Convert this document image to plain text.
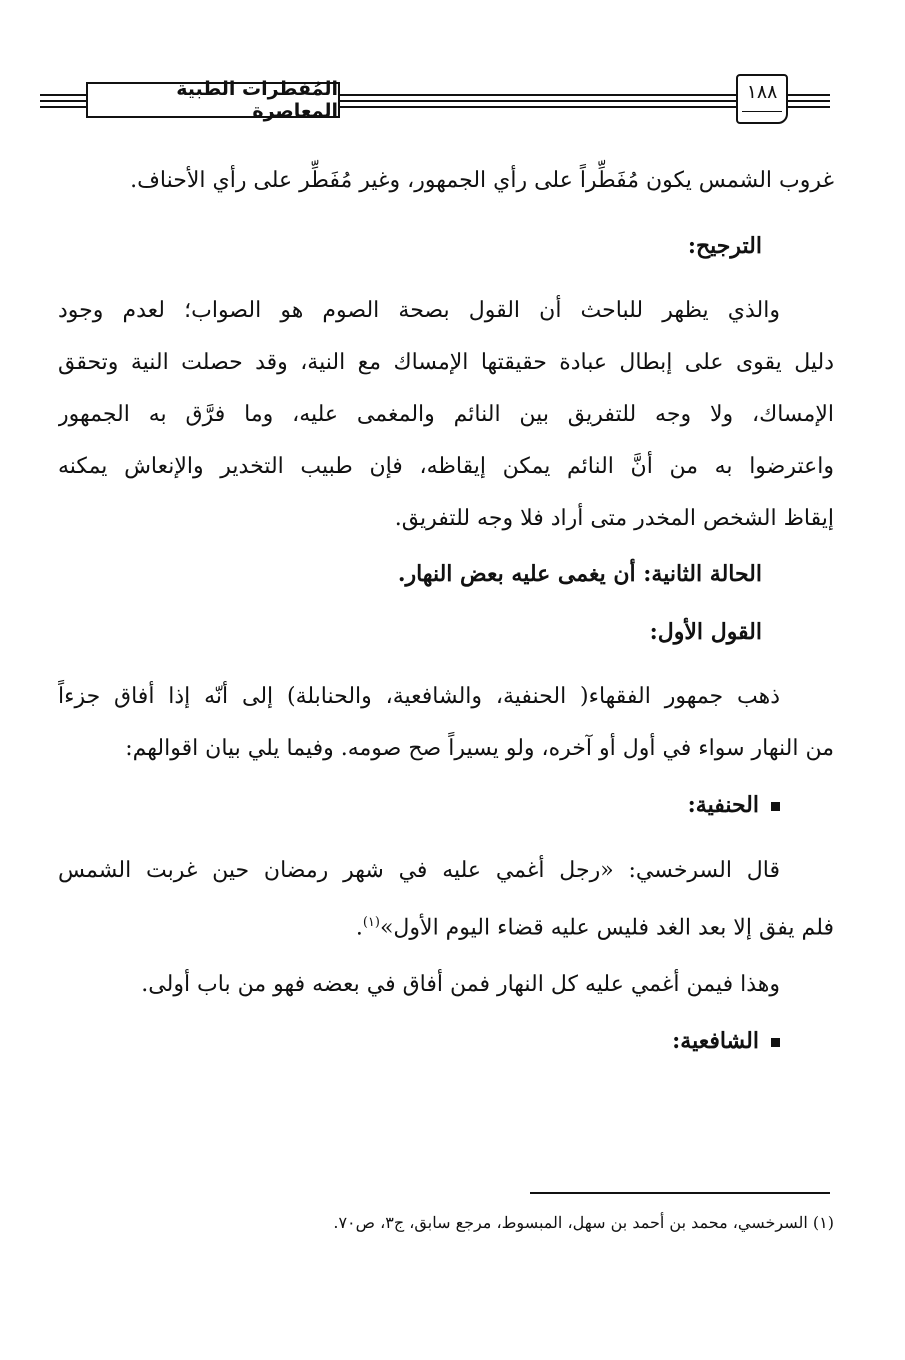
المُفطرات الطبية المعاصرة
١٨٨
غروب الشمس يكون مُفَطِّراً على رأي الجمهور، وغير مُفَطِّر على رأي الأحناف.
الترجيح:
والذي يظهر للباحث أن القول بصحة الصوم هو الصواب؛ لعدم وجود
دليل يقوى على إبطال عبادة حقيقتها الإمساك مع النية، وقد حصلت النية وتحقق
الإمساك، ولا وجه للتفريق بين النائم والمغمى عليه، وما فرَّق به الجمهور
واعترضوا به من أنَّ النائم يمكن إيقاظه، فإن طبيب التخدير والإنعاش يمكنه
إيقاظ الشخص المخدر متى أراد فلا وجه للتفريق.
الحالة الثانية: أن يغمى عليه بعض النهار.
القول الأول:
ذهب جمهور الفقهاء( الحنفية، والشافعية، والحنابلة) إلى أنّه إذا أفاق جزءاً
من النهار سواء في أول أو آخره، ولو يسيراً صح صومه. وفيما يلي بيان اقوالهم:
الحنفية:
قال السرخسي: «رجل أغمي عليه في شهر رمضان حين غربت الشمس
فلم يفق إلا بعد الغد فليس عليه قضاء اليوم الأول»$^{(١)}$.
وهذا فيمن أغمي عليه كل النهار فمن أفاق في بعضه فهو من باب أولى.
الشافعية:
(١) السرخسي، محمد بن أحمد بن سهل، المبسوط، مرجع سابق، ج٣، ص٧٠.
